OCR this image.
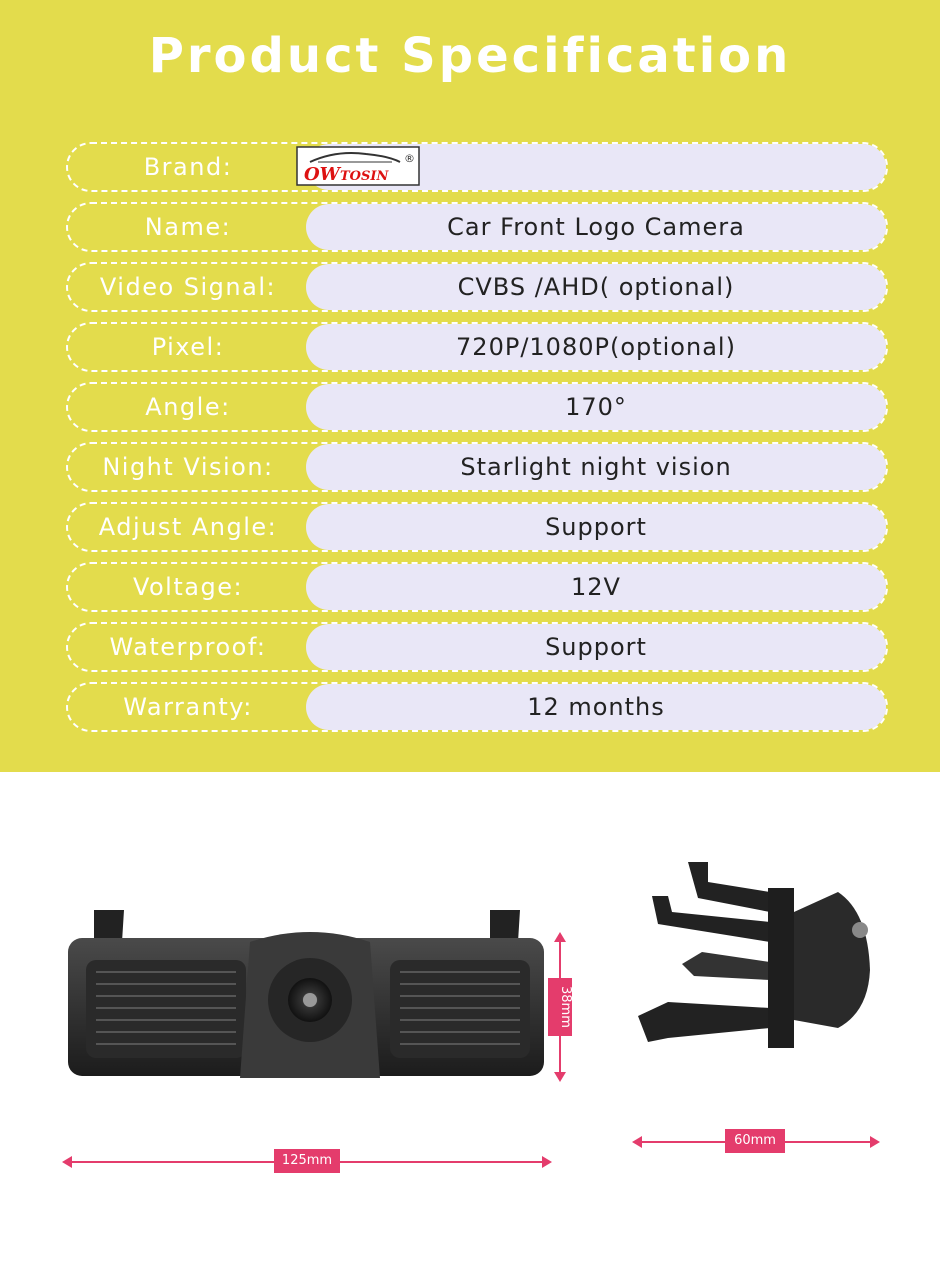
Product Specification
Brand:	OW TOSIN
®
Name:	Car Front Logo Camera
Video Signal:	CVBS /AHD( optional)
Pixel:	720P/1080P(optional)
Angle:	170°
Night Vision:	Starlight night vision
Adjust Angle:	Support
Voltage:	12V
Waterproof:	Support
Warranty:	12 months
38mm
125mm
60mm
